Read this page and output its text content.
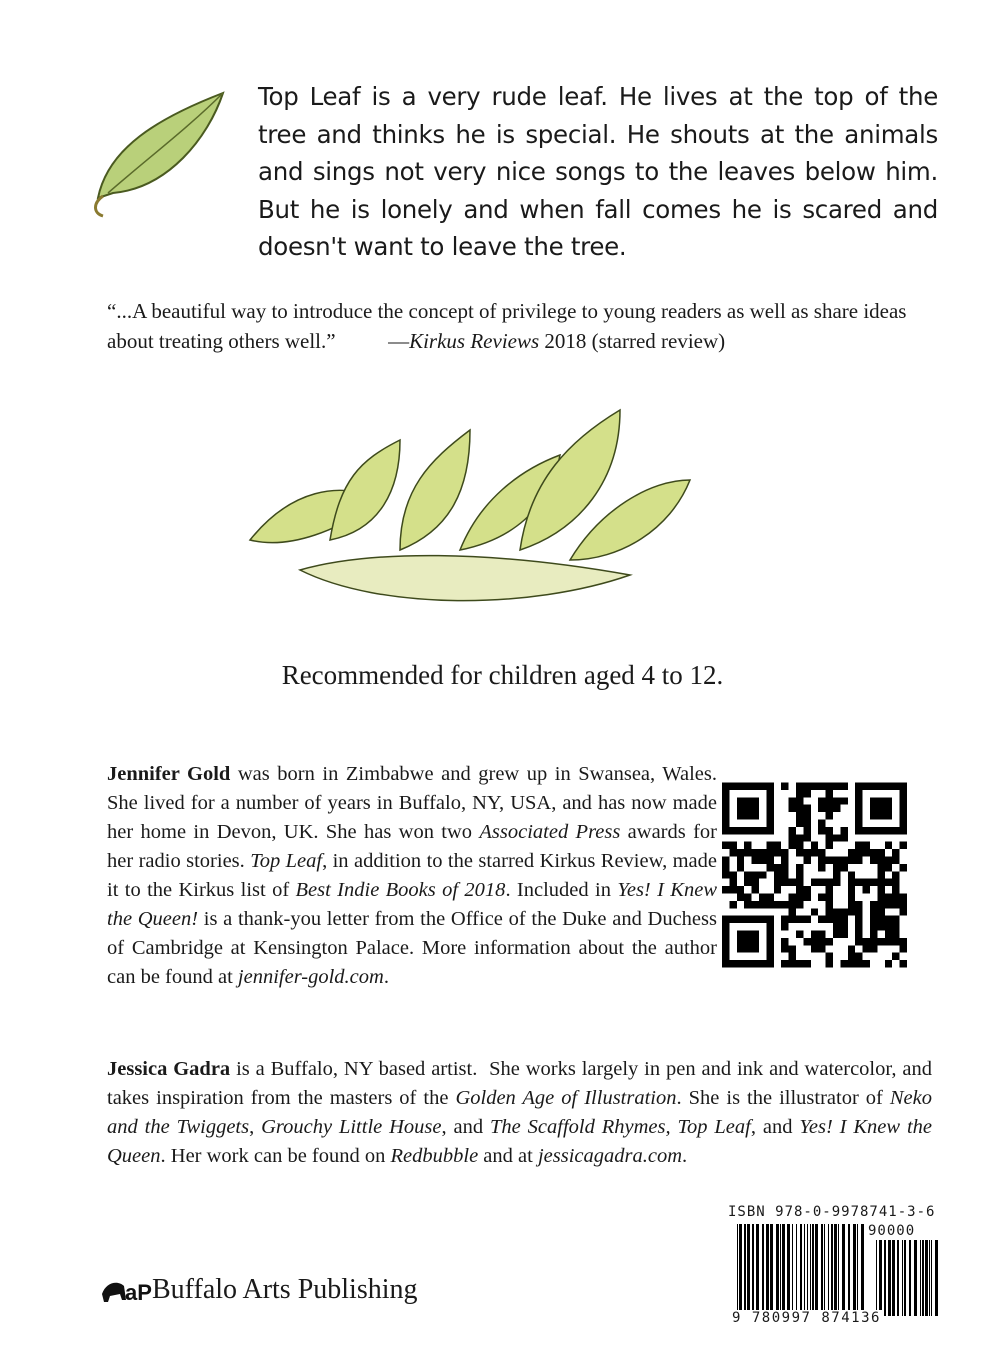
Top Leaf is a very rude leaf. He lives at the top of the tree and thinks he is special. He shouts at the animals and sings not very nice songs to the leaves below him. But he is lonely and when fall comes he is scared and doesn't want to leave the tree.
“...A beautiful way to introduce the concept of privilege to young readers as well as share ideas about treating others well.”          —Kirkus Reviews 2018 (starred review)
Recommended for children aged 4 to 12.
Jennifer Gold was born in Zimbabwe and grew up in Swansea, Wales. She lived for a number of years in Buffalo, NY, USA, and has now made her home in Devon, UK. She has won two Associated Press awards for her radio stories. Top Leaf, in addition to the starred Kirkus Review, made it to the Kirkus list of Best Indie Books of 2018. Included in Yes! I Knew the Queen! is a thank-you letter from the Office of the Duke and Duchess of Cambridge at Kensington Palace. More information about the author can be found at jennifer-gold.com.
Jessica Gadra is a Buffalo, NY based artist.  She works largely in pen and ink and watercolor, and takes inspiration from the masters of the Golden Age of Illustration. She is the illustrator of Neko and the Twiggets, Grouchy Little House, and The Scaffold Rhymes, Top Leaf, and Yes! I Knew the Queen. Her work can be found on Redbubble and at jessicagadra.com.
ISBN 978-0-9978741-3-6
90000
9 780997 874136
aP Buffalo Arts Publishing
